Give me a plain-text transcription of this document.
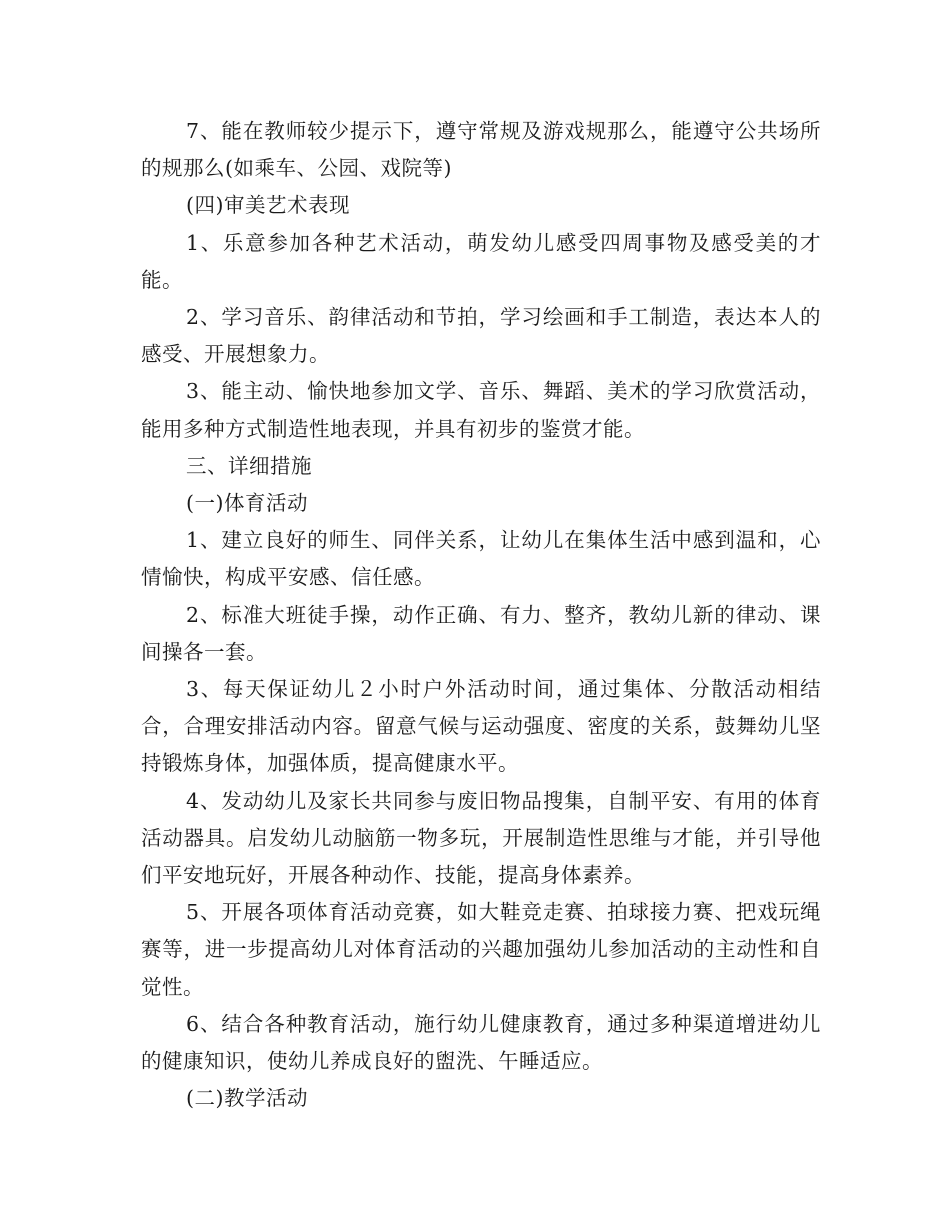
7、能在教师较少提示下，遵守常规及游戏规那么，能遵守公共场所的规那么(如乘车、公园、戏院等)

(四)审美艺术表现

1、乐意参加各种艺术活动，萌发幼儿感受四周事物及感受美的才能。

2、学习音乐、韵律活动和节拍，学习绘画和手工制造，表达本人的感受、开展想象力。

3、能主动、愉快地参加文学、音乐、舞蹈、美术的学习欣赏活动，能用多种方式制造性地表现，并具有初步的鉴赏才能。

三、详细措施

(一)体育活动

1、建立良好的师生、同伴关系，让幼儿在集体生活中感到温和，心情愉快，构成平安感、信任感。

2、标准大班徒手操，动作正确、有力、整齐，教幼儿新的律动、课间操各一套。

3、每天保证幼儿２小时户外活动时间，通过集体、分散活动相结合，合理安排活动内容。留意气候与运动强度、密度的关系，鼓舞幼儿坚持锻炼身体，加强体质，提高健康水平。

4、发动幼儿及家长共同参与废旧物品搜集，自制平安、有用的体育活动器具。启发幼儿动脑筋一物多玩，开展制造性思维与才能，并引导他们平安地玩好，开展各种动作、技能，提高身体素养。

5、开展各项体育活动竞赛，如大鞋竞走赛、拍球接力赛、把戏玩绳赛等，进一步提高幼儿对体育活动的兴趣加强幼儿参加活动的主动性和自觉性。

6、结合各种教育活动，施行幼儿健康教育，通过多种渠道增进幼儿的健康知识，使幼儿养成良好的盥洗、午睡适应。

(二)教学活动
